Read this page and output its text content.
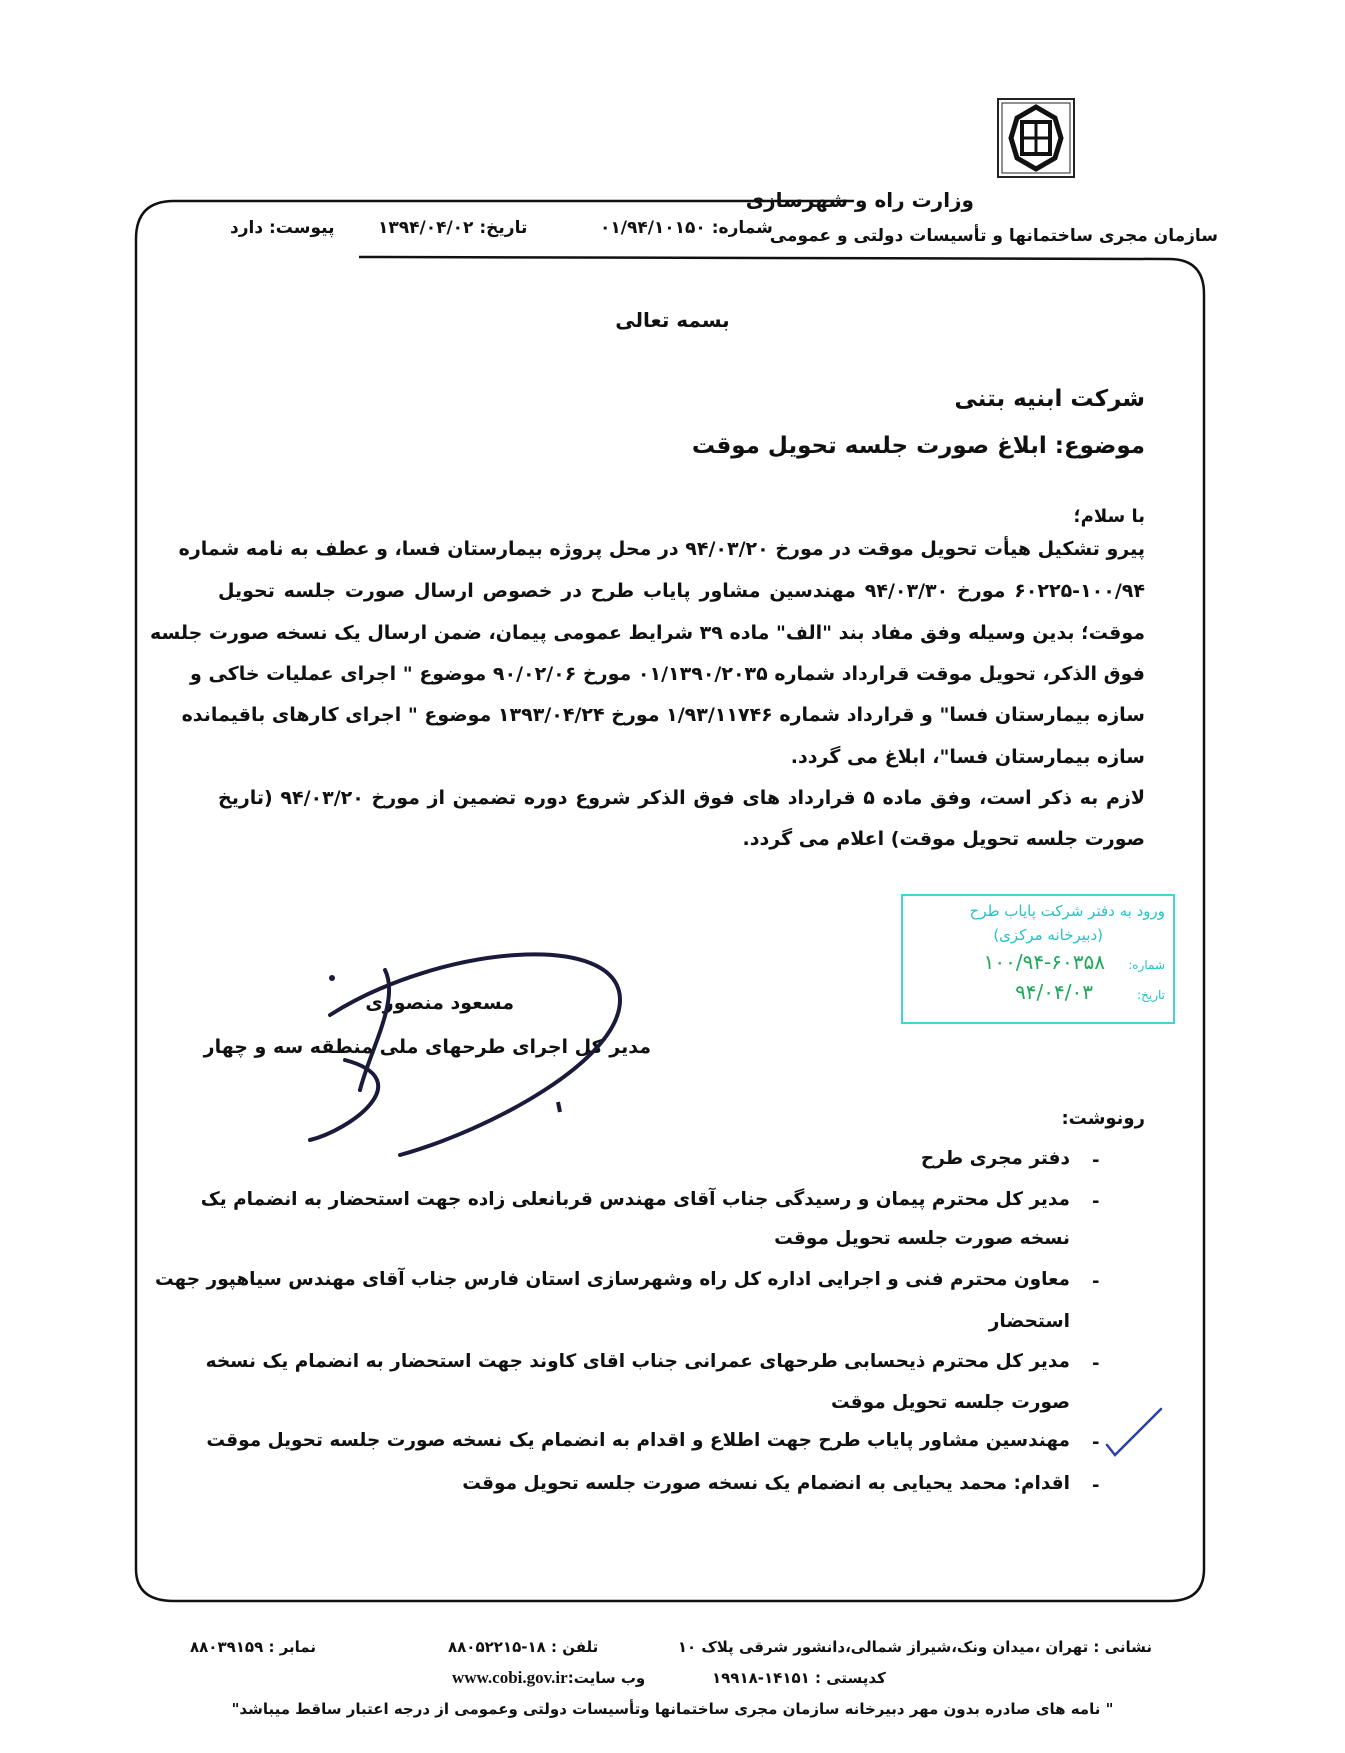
وزارت راه و شهرسازی
سازمان مجری ساختمانها و تأسیسات دولتی و عمومی
شماره: ۰۱/۹۴/۱۰۱۵۰
تاریخ: ۱۳۹۴/۰۴/۰۲
پیوست: دارد
بسمه تعالی
شرکت ابنیه بتنی
موضوع: ابلاغ صورت جلسه تحویل موقت
با سلام؛
پیرو تشکیل هیأت تحویل موقت در مورخ ۹۴/۰۳/۲۰ در محل پروژه بیمارستان فسا، و عطف به نامه شماره
۶۰۲۲۵-۱۰۰/۹۴ مورخ ۹۴/۰۳/۳۰ مهندسین مشاور پایاب طرح در خصوص ارسال صورت جلسه تحویل
موقت؛ بدین وسیله وفق مفاد بند "الف" ماده ۳۹ شرایط عمومی پیمان، ضمن ارسال یک نسخه صورت جلسه
فوق الذکر، تحویل موقت قرارداد شماره ۰۱/۱۳۹۰/۲۰۳۵ مورخ ۹۰/۰۲/۰۶ موضوع " اجرای عملیات خاکی و
سازه بیمارستان فسا" و قرارداد شماره ۱/۹۳/۱۱۷۴۶ مورخ ۱۳۹۳/۰۴/۲۴ موضوع " اجرای کارهای باقیمانده
سازه بیمارستان فسا"، ابلاغ می گردد.
لازم به ذکر است، وفق ماده ۵ قرارداد های فوق الذکر شروع دوره تضمین از مورخ ۹۴/۰۳/۲۰ (تاریخ
صورت جلسه تحویل موقت) اعلام می گردد.
مسعود منصوری
مدیر کل اجرای طرحهای ملی منطقه سه و چهار
ورود به دفتر شرکت پایاب طرح
(دبیرخانه مرکزی)
شماره:
۱۰۰/۹۴-۶۰۳۵۸
تاریخ:
۹۴/۰۴/۰۳
رونوشت:
-
دفتر مجری طرح
-
مدیر کل محترم پیمان و رسیدگی جناب آقای مهندس قربانعلی زاده جهت استحضار به انضمام یک
نسخه صورت جلسه تحویل موقت
-
معاون محترم فنی و اجرایی اداره کل راه وشهرسازی استان فارس جناب آقای مهندس سیاهپور جهت
استحضار
-
مدیر کل محترم ذیحسابی طرحهای عمرانی جناب اقای کاوند جهت استحضار به انضمام یک نسخه
صورت جلسه تحویل موقت
-
مهندسین مشاور پایاب طرح جهت اطلاع و اقدام به انضمام یک نسخه صورت جلسه تحویل موقت
-
اقدام: محمد یحیایی به انضمام یک نسخه صورت جلسه تحویل موقت
نشانی : تهران ،میدان ونک،شیراز شمالی،دانشور شرقی پلاک ۱۰
تلفن : ۱۸-۸۸۰۵۲۲۱۵
نمابر : ۸۸۰۳۹۱۵۹
کدپستی : ۱۴۱۵۱-۱۹۹۱۸
www.cobi.gov.irوب سایت:
" نامه های صادره بدون مهر دبیرخانه سازمان مجری ساختمانها وتأسیسات دولتی وعمومی از درجه اعتبار ساقط میباشد"
